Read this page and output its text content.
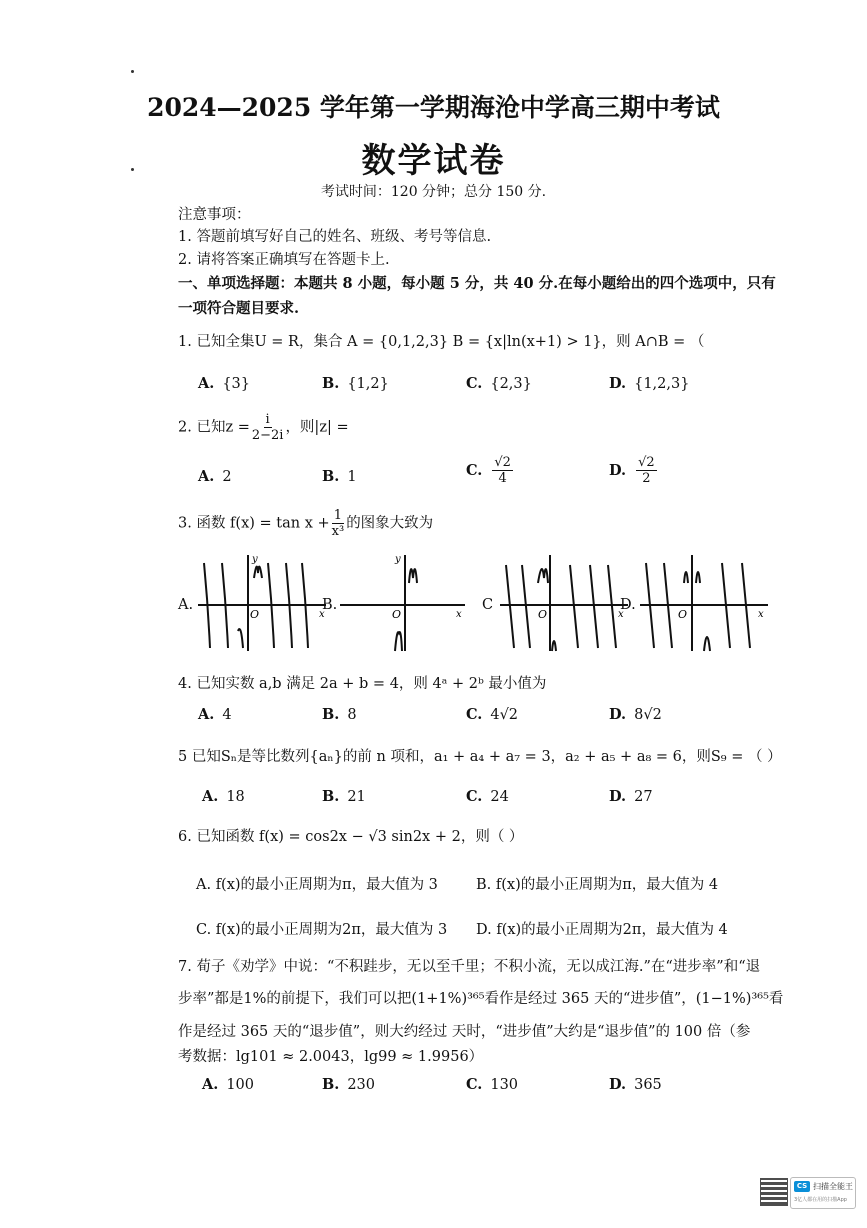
2024—2025 学年第一学期海沧中学高三期中考试
数学试卷
考试时间：120 分钟；总分 150 分.
注意事项：
1. 答题前填写好自己的姓名、班级、考号等信息.
2. 请将答案正确填写在答题卡上.
一、单项选择题：本题共 8 小题，每小题 5 分，共 40 分.在每小题给出的四个选项中，只有
一项符合题目要求.
1. 已知全集U = R，集合 A = {0,1,2,3} B = {x|ln(x+1) > 1}，则 A∩B = （
A. {3}	B. {1,2}	C. {2,3}	D. {1,2,3}
2. 已知$z = \frac{i}{2-2i}$ ，则|z| =
A. 2	B. 1	C. $\frac{√2}{4}$	D. $\frac{√2}{2}$
3. 函数 $f(x) = \tan x + \frac{1}{\text{x³}}$ 的图象大致为
A.
O
y
x
B.
O
y
x
C
O	x
D.
O	x
4. 已知实数 a,b 满足 2a + b = 4，则 4ᵃ + 2ᵇ 最小值为
A. 4	B. 8	C. 4√2	D. 8√2
5 已知Sₙ是等比数列{aₙ}的前 n 项和，a₁ + a₄ + a₇ = 3，a₂ + a₅ + a₈ = 6，则S₉ = （ ）
A. 18	B. 21	C. 24	D. 27
6. 已知函数 f(x) = cos2x − √3 sin2x + 2，则（ ）
A. f(x)的最小正周期为π，最大值为 3	B. f(x)的最小正周期为π，最大值为 4
C. f(x)的最小正周期为2π，最大值为 3 D. f(x)的最小正周期为2π，最大值为 4
7. 荀子《劝学》中说：“不积跬步，无以至千里；不积小流，无以成江海.”在“进步率”和“退
步率”都是1%的前提下，我们可以把(1+1%)³⁶⁵看作是经过 365 天的“进步值”，(1−1%)³⁶⁵看
作是经过 365 天的“退步值”，则大约经过 天时，“进步值”大约是“退步值”的 100 倍（参
考数据：lg101 ≈ 2.0043，lg99 ≈ 1.9956）
A. 100	B. 230	C. 130	D. 365
CS 扫描全能王
3亿人都在用的扫描App
